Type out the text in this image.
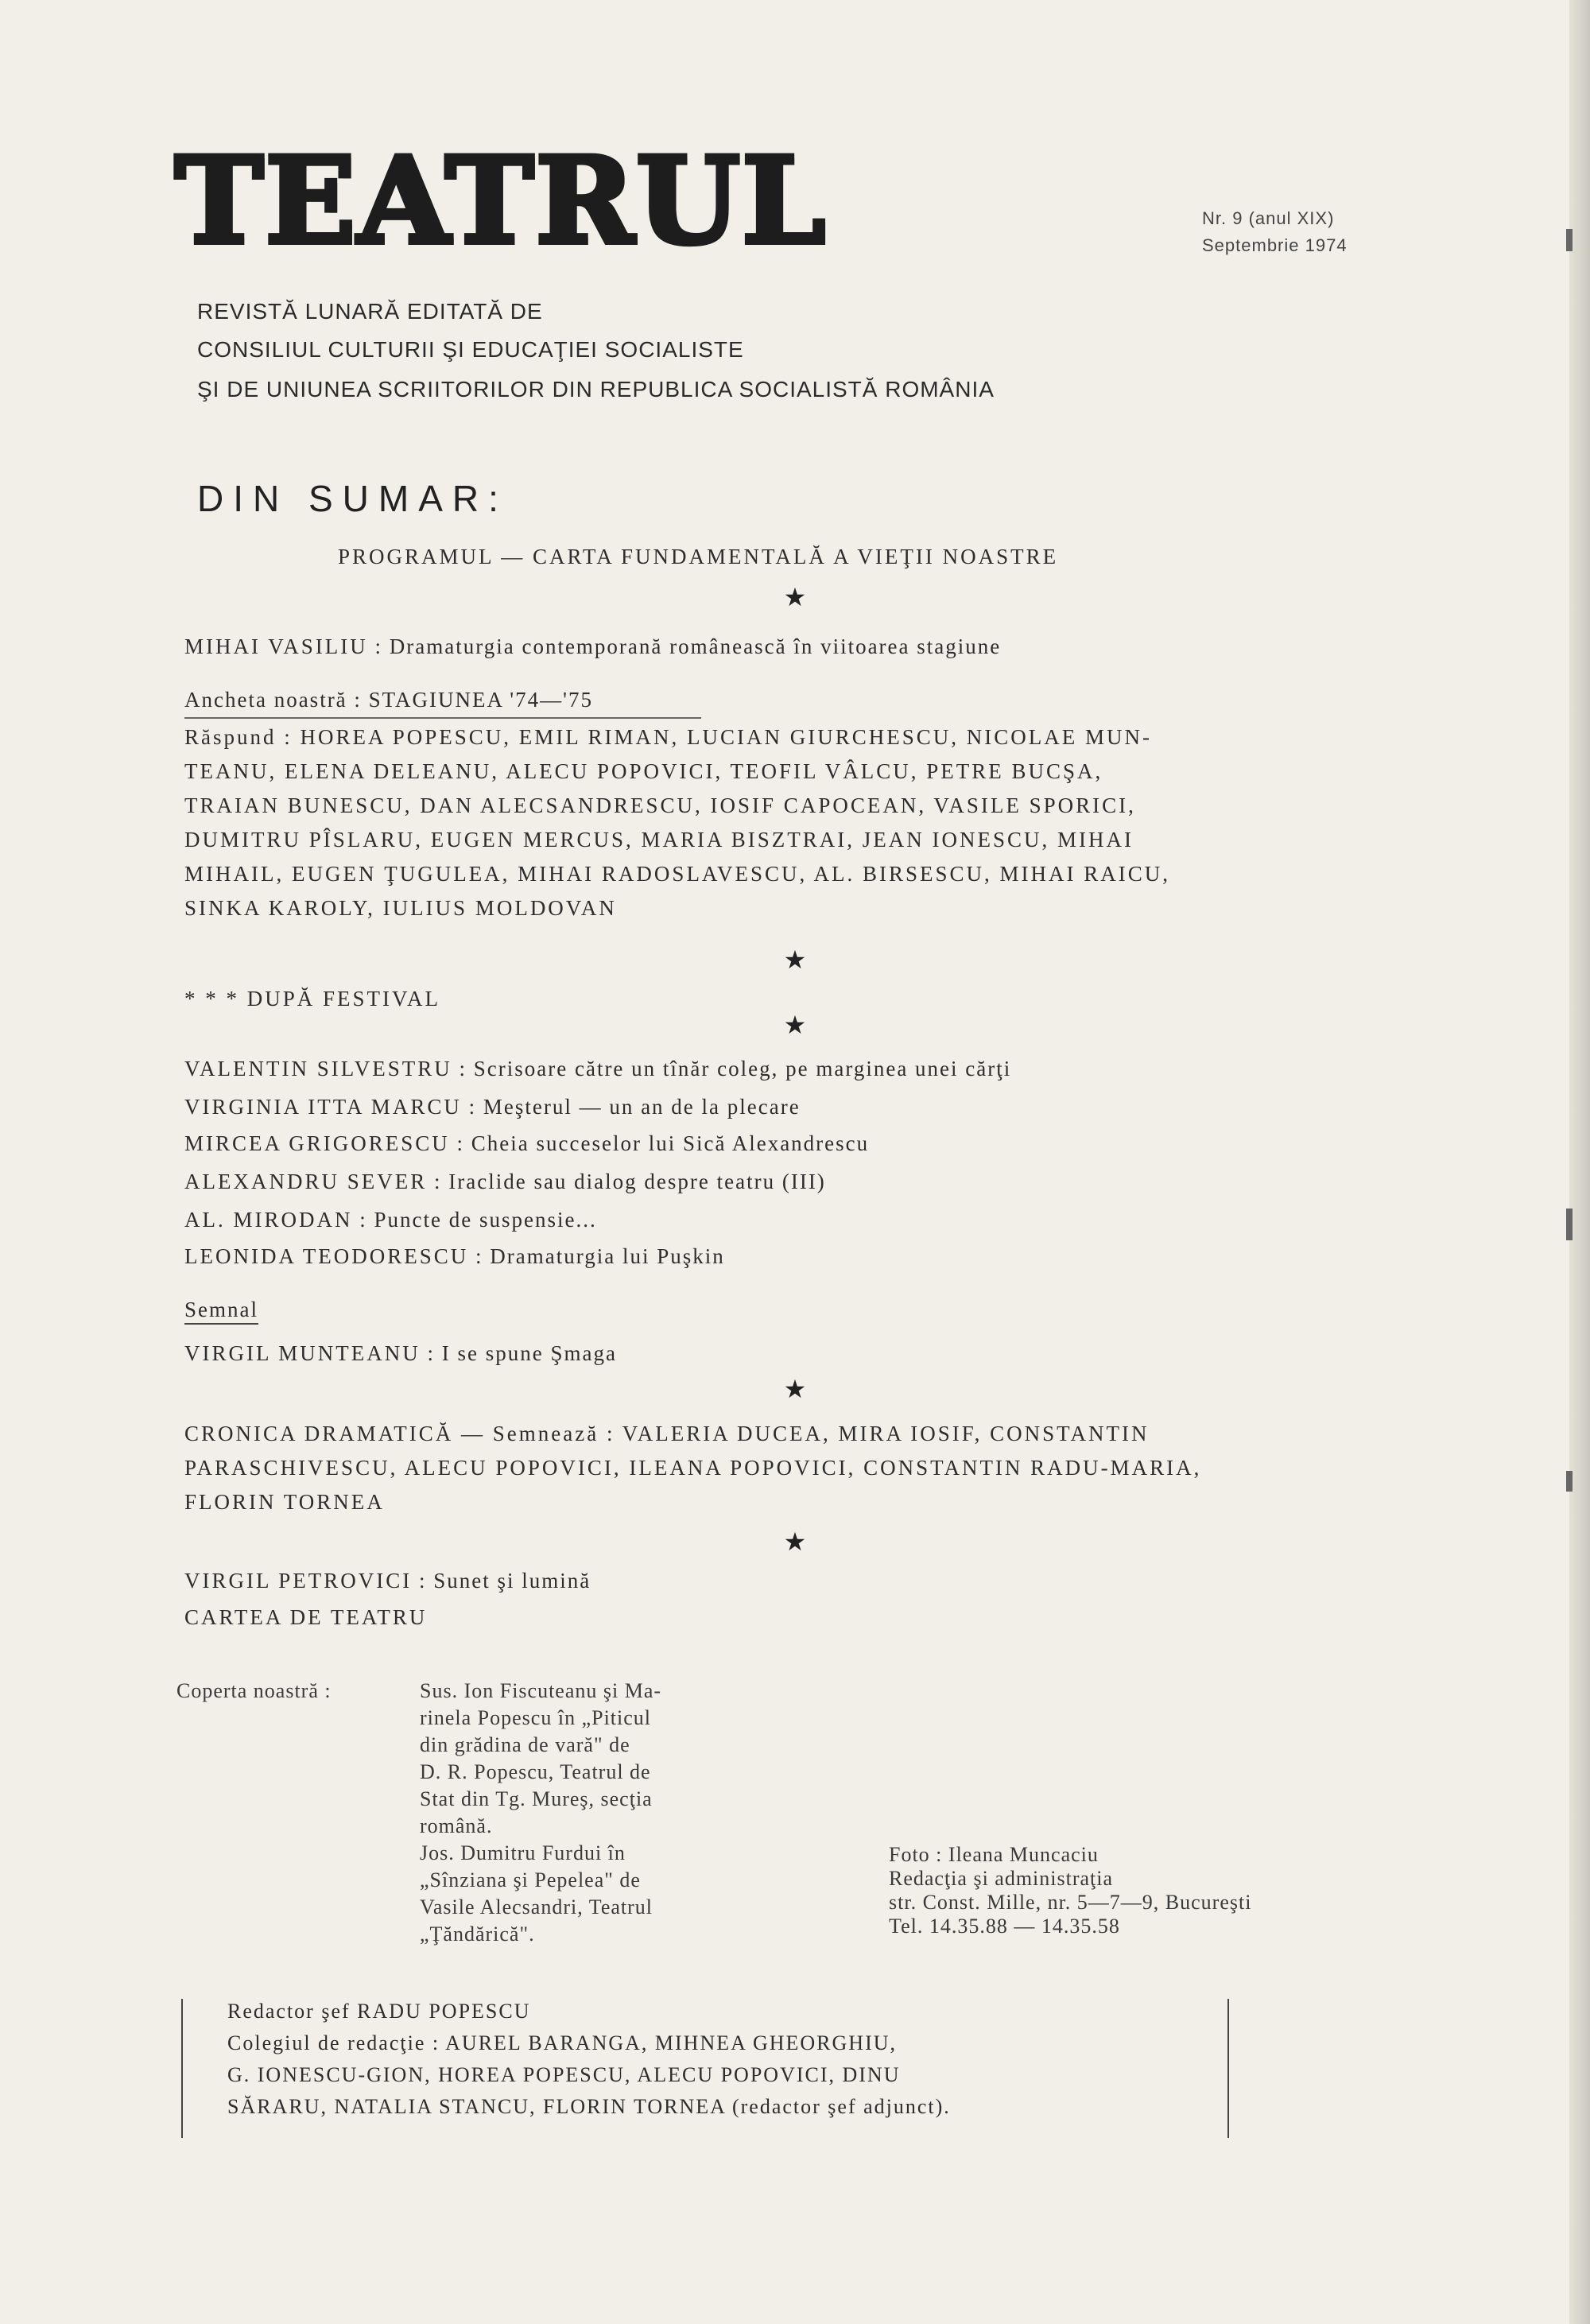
TEATRUL	Nr. 9 (anul XIX)
Septembrie 1974
REVISTĂ LUNARĂ EDITATĂ DE
CONSILIUL CULTURII ŞI EDUCAŢIEI SOCIALISTE
ŞI DE UNIUNEA SCRIITORILOR DIN REPUBLICA SOCIALISTĂ ROMÂNIA
DIN SUMAR:
PROGRAMUL — CARTA FUNDAMENTALĂ A VIEŢII NOASTRE
★
MIHAI VASILIU : Dramaturgia contemporană românească în viitoarea stagiune
Ancheta noastră : STAGIUNEA '74—'75
Răspund : HOREA POPESCU, EMIL RIMAN, LUCIAN GIURCHESCU, NICOLAE MUN-
TEANU, ELENA DELEANU, ALECU POPOVICI, TEOFIL VÂLCU, PETRE BUCŞA,
TRAIAN BUNESCU, DAN ALECSANDRESCU, IOSIF CAPOCEAN, VASILE SPORICI,
DUMITRU PÎSLARU, EUGEN MERCUS, MARIA BISZTRAI, JEAN IONESCU, MIHAI
MIHAIL, EUGEN ŢUGULEA, MIHAI RADOSLAVESCU, AL. BIRSESCU, MIHAI RAICU,
SINKA KAROLY, IULIUS MOLDOVAN
★
* * * DUPĂ FESTIVAL
★
VALENTIN SILVESTRU : Scrisoare către un tînăr coleg, pe marginea unei cărţi
VIRGINIA ITTA MARCU : Meşterul — un an de la plecare
MIRCEA GRIGORESCU : Cheia succeselor lui Sică Alexandrescu
ALEXANDRU SEVER : Iraclide sau dialog despre teatru (III)
AL. MIRODAN : Puncte de suspensie...
LEONIDA TEODORESCU : Dramaturgia lui Puşkin
Semnal
VIRGIL MUNTEANU : I se spune Şmaga
★
CRONICA DRAMATICĂ — Semnează : VALERIA DUCEA, MIRA IOSIF, CONSTANTIN
PARASCHIVESCU, ALECU POPOVICI, ILEANA POPOVICI, CONSTANTIN RADU-MARIA,
FLORIN TORNEA
★
VIRGIL PETROVICI : Sunet şi lumină
CARTEA DE TEATRU
Coperta noastră :	Sus. Ion Fiscuteanu şi Ma-
rinela Popescu în „Piticul
din grădina de vară" de
D. R. Popescu, Teatrul de
Stat din Tg. Mureş, secţia
română.
Jos. Dumitru Furdui în
„Sînziana şi Pepelea" de
Vasile Alecsandri, Teatrul
„Ţăndărică".
Foto : Ileana Muncaciu
Redacţia şi administraţia
str. Const. Mille, nr. 5—7—9, Bucureşti
Tel. 14.35.88 — 14.35.58
Redactor şef RADU POPESCU
Colegiul de redacţie : AUREL BARANGA, MIHNEA GHEORGHIU,
G. IONESCU-GION, HOREA POPESCU, ALECU POPOVICI, DINU
SĂRARU, NATALIA STANCU, FLORIN TORNEA (redactor şef adjunct).
